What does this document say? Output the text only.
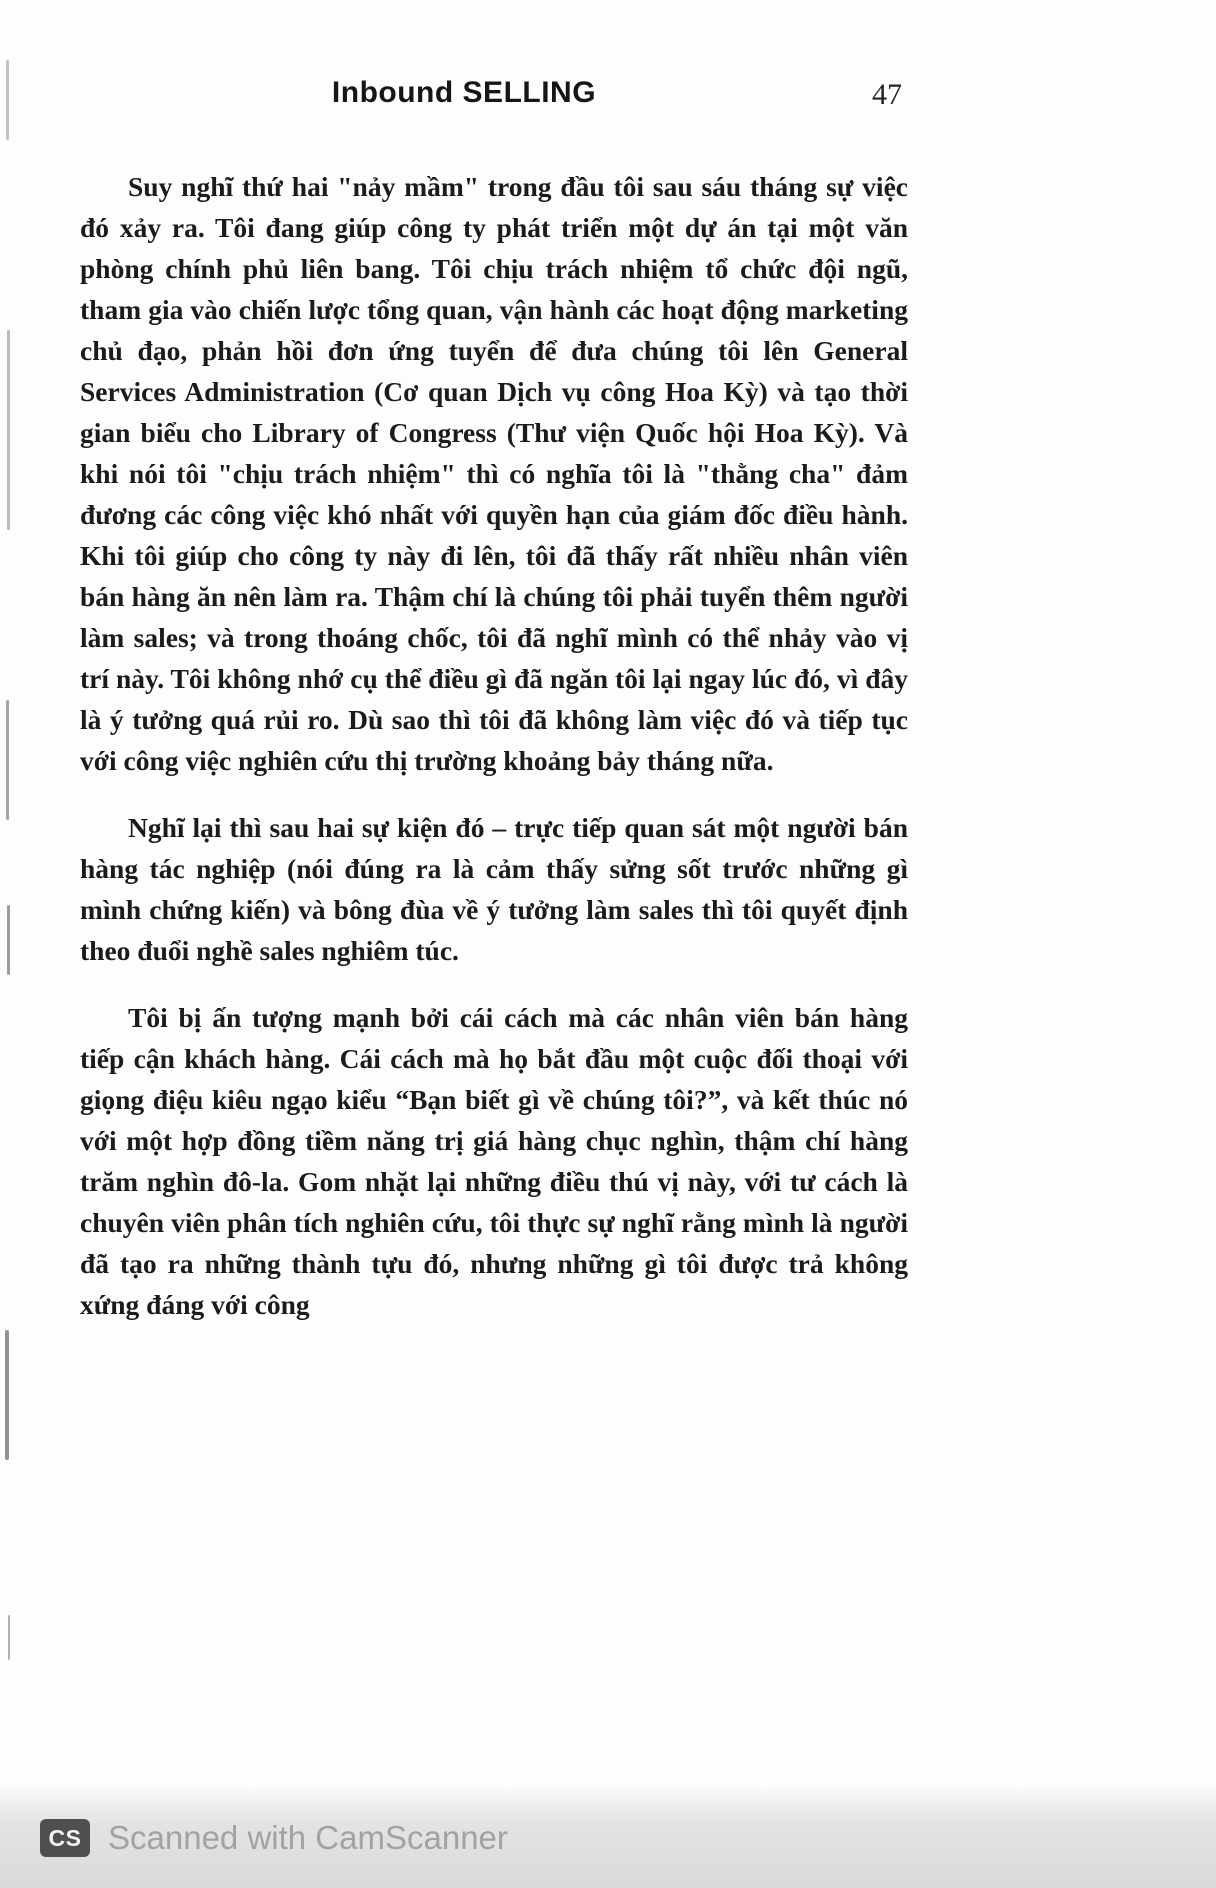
Inbound SELLING	47

Suy nghĩ thứ hai "nảy mầm" trong đầu tôi sau sáu tháng sự việc đó xảy ra. Tôi đang giúp công ty phát triển một dự án tại một văn phòng chính phủ liên bang. Tôi chịu trách nhiệm tổ chức đội ngũ, tham gia vào chiến lược tổng quan, vận hành các hoạt động marketing chủ đạo, phản hồi đơn ứng tuyển để đưa chúng tôi lên General Services Administration (Cơ quan Dịch vụ công Hoa Kỳ) và tạo thời gian biểu cho Library of Congress (Thư viện Quốc hội Hoa Kỳ). Và khi nói tôi "chịu trách nhiệm" thì có nghĩa tôi là "thằng cha" đảm đương các công việc khó nhất với quyền hạn của giám đốc điều hành. Khi tôi giúp cho công ty này đi lên, tôi đã thấy rất nhiều nhân viên bán hàng ăn nên làm ra. Thậm chí là chúng tôi phải tuyển thêm người làm sales; và trong thoáng chốc, tôi đã nghĩ mình có thể nhảy vào vị trí này. Tôi không nhớ cụ thể điều gì đã ngăn tôi lại ngay lúc đó, vì đây là ý tưởng quá rủi ro. Dù sao thì tôi đã không làm việc đó và tiếp tục với công việc nghiên cứu thị trường khoảng bảy tháng nữa.

Nghĩ lại thì sau hai sự kiện đó – trực tiếp quan sát một người bán hàng tác nghiệp (nói đúng ra là cảm thấy sửng sốt trước những gì mình chứng kiến) và bông đùa về ý tưởng làm sales thì tôi quyết định theo đuổi nghề sales nghiêm túc.

Tôi bị ấn tượng mạnh bởi cái cách mà các nhân viên bán hàng tiếp cận khách hàng. Cái cách mà họ bắt đầu một cuộc đối thoại với giọng điệu kiêu ngạo kiểu “Bạn biết gì về chúng tôi?”, và kết thúc nó với một hợp đồng tiềm năng trị giá hàng chục nghìn, thậm chí hàng trăm nghìn đô-la. Gom nhặt lại những điều thú vị này, với tư cách là chuyên viên phân tích nghiên cứu, tôi thực sự nghĩ rằng mình là người đã tạo ra những thành tựu đó, nhưng những gì tôi được trả không xứng đáng với công

CS Scanned with CamScanner
